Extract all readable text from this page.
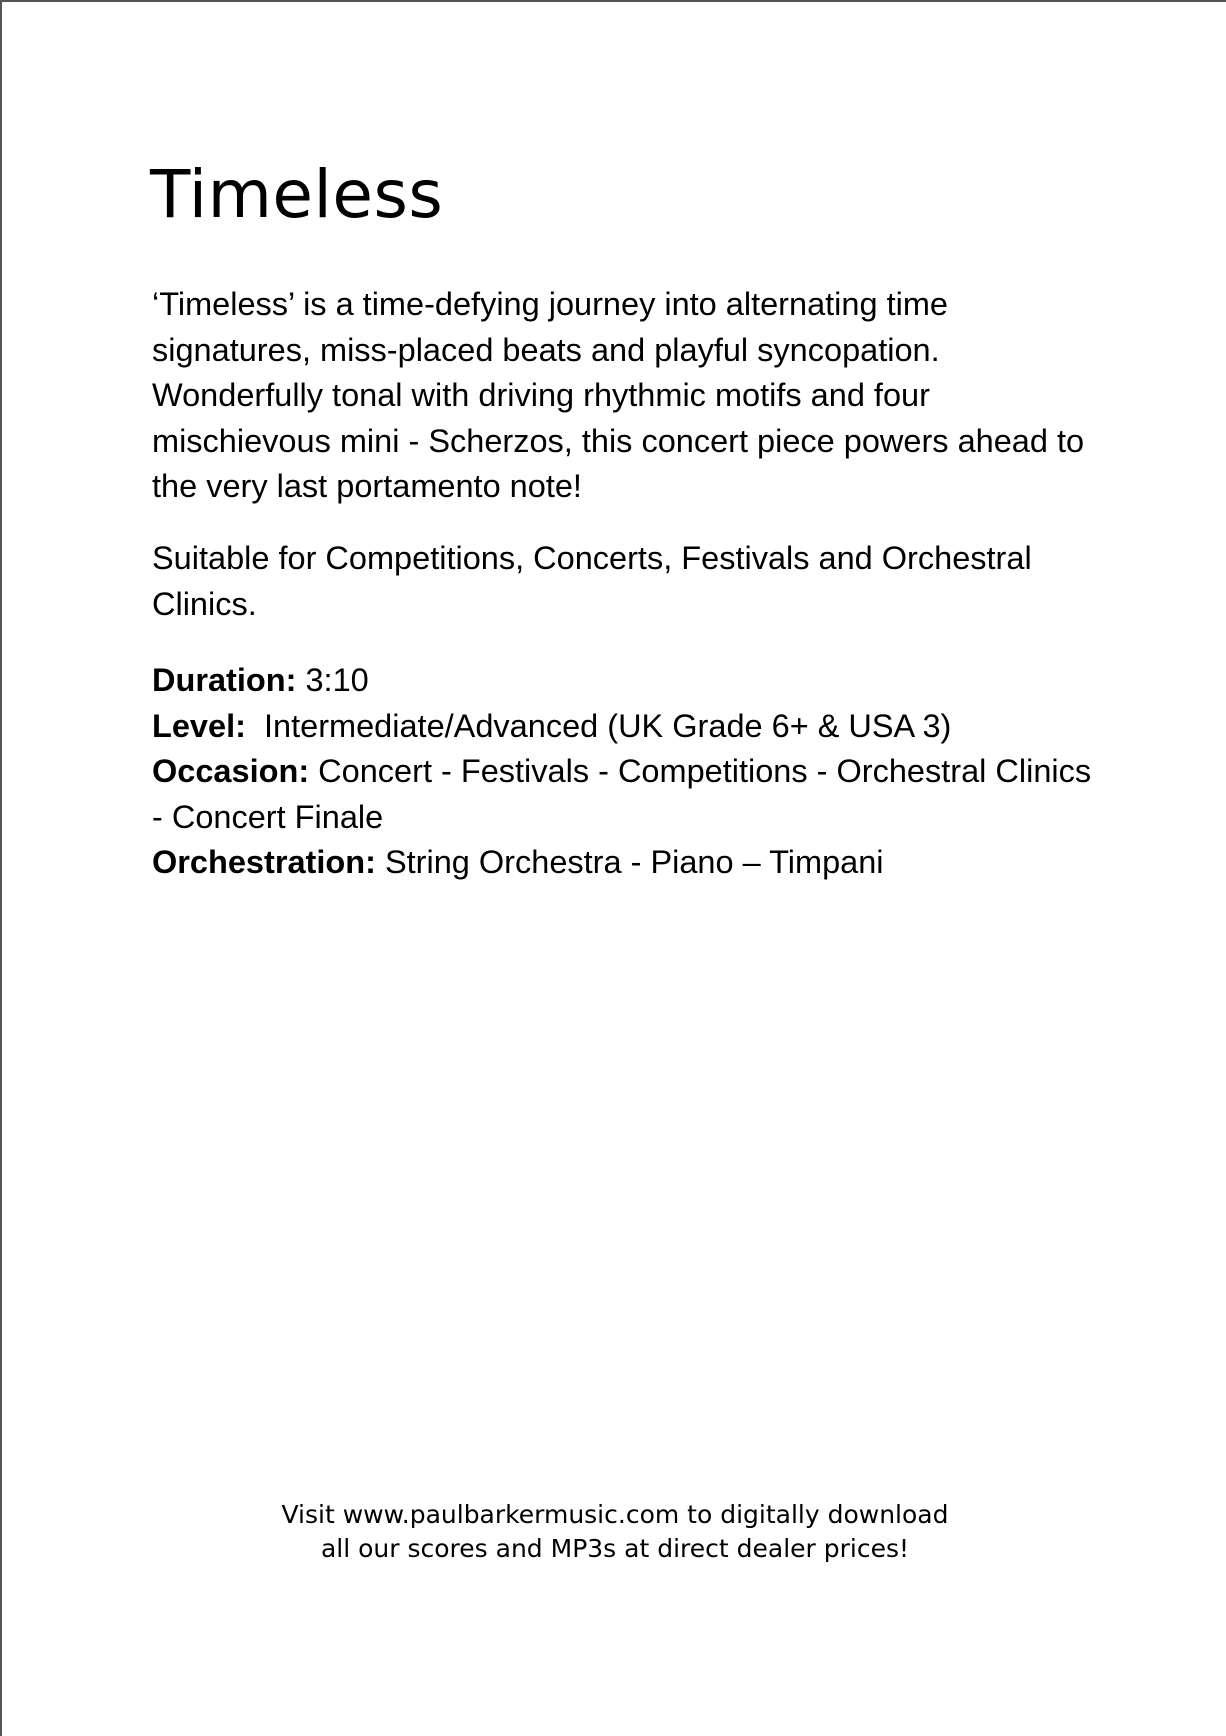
Timeless

‘Timeless’ is a time-defying journey into alternating time signatures, miss-placed beats and playful syncopation. Wonderfully tonal with driving rhythmic motifs and four mischievous mini - Scherzos, this concert piece powers ahead to the very last portamento note!

Suitable for Competitions, Concerts, Festivals and Orchestral Clinics.

Duration: 3:10
Level:  Intermediate/Advanced (UK Grade 6+ & USA 3)
Occasion: Concert - Festivals - Competitions - Orchestral Clinics - Concert Finale
Orchestration: String Orchestra - Piano – Timpani

Visit www.paulbarkermusic.com to digitally download
all our scores and MP3s at direct dealer prices!
